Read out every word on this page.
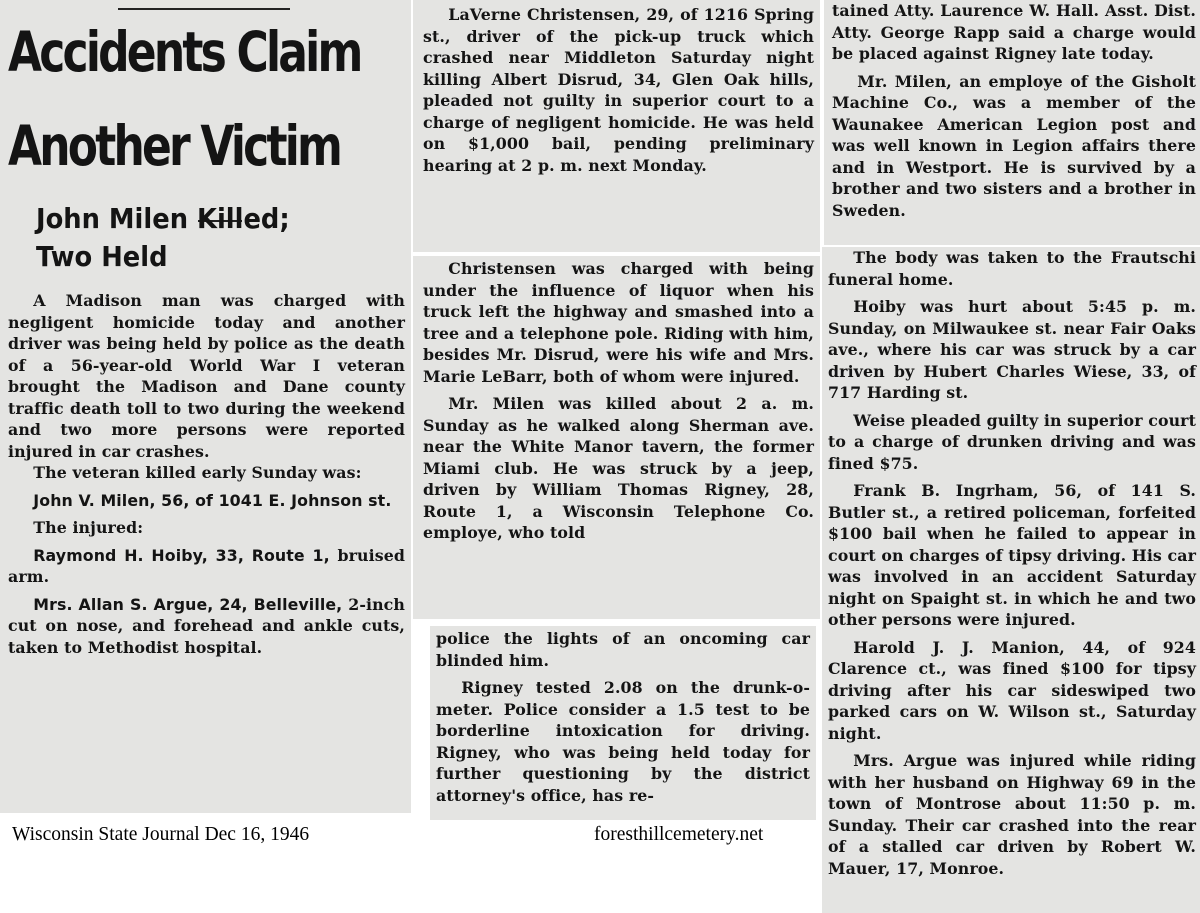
Accidents Claim
Another Victim
John Milen Killed;
Two Held

A Madison man was charged with negligent homicide today and another driver was being held by police as the death of a 56-year-old World War I veteran brought the Madison and Dane county traffic death toll to two during the weekend and two more persons were reported injured in car crashes.

The veteran killed early Sunday was:

John V. Milen, 56, of 1041 E. Johnson st.

The injured:

Raymond H. Hoiby, 33, Route 1, bruised arm.

Mrs. Allan S. Argue, 24, Belleville, 2-inch cut on nose, and forehead and ankle cuts, taken to Methodist hospital.

LaVerne Christensen, 29, of 1216 Spring st., driver of the pick-up truck which crashed near Middleton Saturday night killing Albert Disrud, 34, Glen Oak hills, pleaded not guilty in superior court to a charge of negligent homicide. He was held on $1,000 bail, pending preliminary hearing at 2 p. m. next Monday.

Christensen was charged with being under the influence of liquor when his truck left the highway and smashed into a tree and a telephone pole. Riding with him, besides Mr. Disrud, were his wife and Mrs. Marie LeBarr, both of whom were injured.

Mr. Milen was killed about 2 a. m. Sunday as he walked along Sherman ave. near the White Manor tavern, the former Miami club. He was struck by a jeep, driven by William Thomas Rigney, 28, Route 1, a Wisconsin Telephone Co. employe, who told

police the lights of an oncoming car blinded him.

Rigney tested 2.08 on the drunk-o-meter. Police consider a 1.5 test to be borderline intoxication for driving. Rigney, who was being held today for further questioning by the district attorney's office, has re-

tained Atty. Laurence W. Hall. Asst. Dist. Atty. George Rapp said a charge would be placed against Rigney late today.

Mr. Milen, an employe of the Gisholt Machine Co., was a member of the Waunakee American Legion post and was well known in Legion affairs there and in Westport. He is survived by a brother and two sisters and a brother in Sweden.

The body was taken to the Frautschi funeral home.

Hoiby was hurt about 5:45 p. m. Sunday, on Milwaukee st. near Fair Oaks ave., where his car was struck by a car driven by Hubert Charles Wiese, 33, of 717 Harding st.

Weise pleaded guilty in superior court to a charge of drunken driving and was fined $75.

Frank B. Ingrham, 56, of 141 S. Butler st., a retired policeman, forfeited $100 bail when he failed to appear in court on charges of tipsy driving. His car was involved in an accident Saturday night on Spaight st. in which he and two other persons were injured.

Harold J. J. Manion, 44, of 924 Clarence ct., was fined $100 for tipsy driving after his car sideswiped two parked cars on W. Wilson st., Saturday night.

Mrs. Argue was injured while riding with her husband on Highway 69 in the town of Montrose about 11:50 p. m. Sunday. Their car crashed into the rear of a stalled car driven by Robert W. Mauer, 17, Monroe.

Wisconsin State Journal Dec 16, 1946	foresthillcemetery.net
